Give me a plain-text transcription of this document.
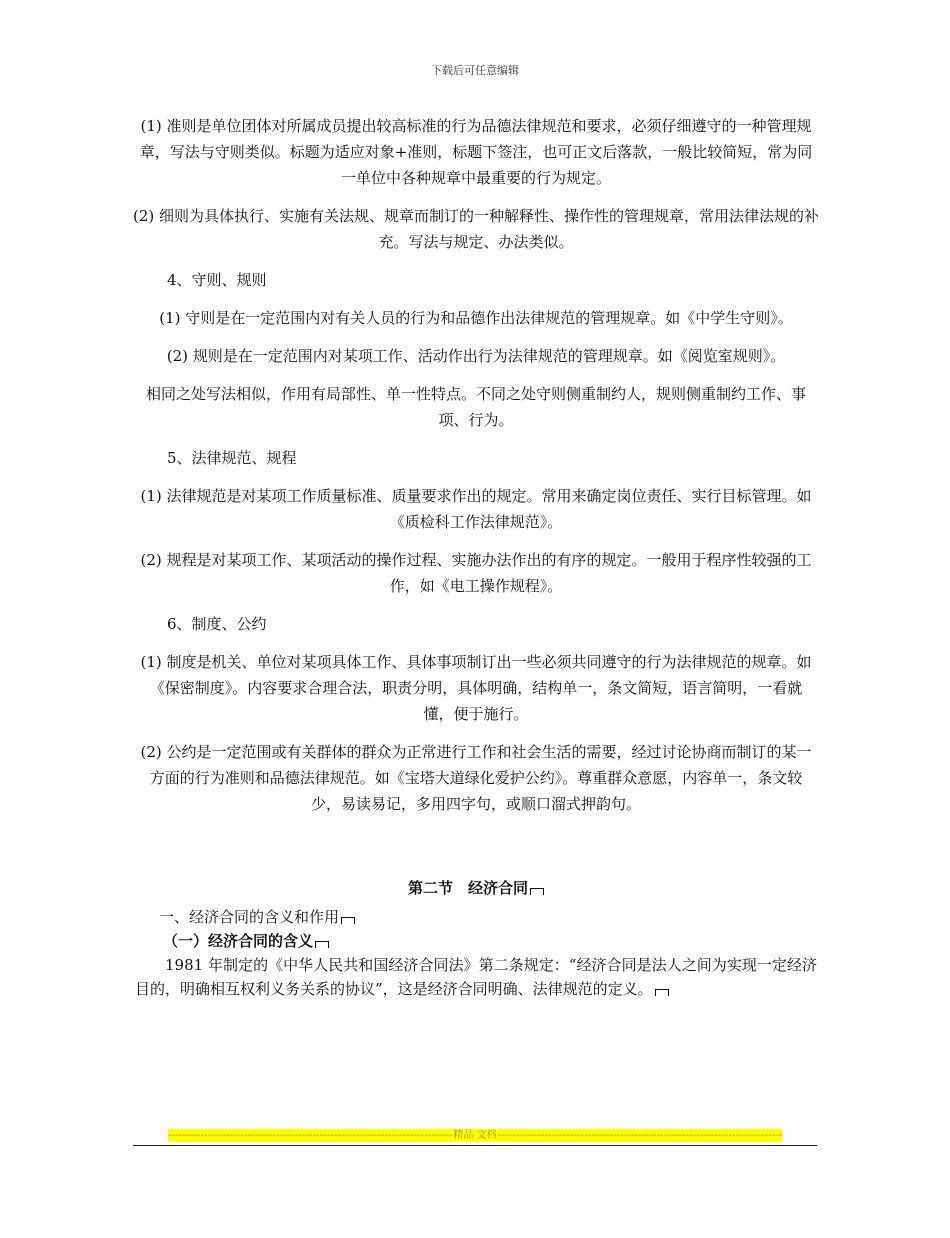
下载后可任意编辑

(1) 准则是单位团体对所属成员提出较高标准的行为品德法律规范和要求，必须仔细遵守的一种管理规章，写法与守则类似。标题为适应对象+准则，标题下签注，也可正文后落款，一般比较简短，常为同一单位中各种规章中最重要的行为规定。

(2) 细则为具体执行、实施有关法规、规章而制订的一种解释性、操作性的管理规章，常用法律法规的补充。写法与规定、办法类似。

4、守则、规则

(1) 守则是在一定范围内对有关人员的行为和品德作出法律规范的管理规章。如《中学生守则》。

(2) 规则是在一定范围内对某项工作、活动作出行为法律规范的管理规章。如《阅览室规则》。

相同之处写法相似，作用有局部性、单一性特点。不同之处守则侧重制约人，规则侧重制约工作、事项、行为。

5、法律规范、规程

(1) 法律规范是对某项工作质量标准、质量要求作出的规定。常用来确定岗位责任、实行目标管理。如《质检科工作法律规范》。

(2) 规程是对某项工作、某项活动的操作过程、实施办法作出的有序的规定。一般用于程序性较强的工作，如《电工操作规程》。

6、制度、公约

(1) 制度是机关、单位对某项具体工作、具体事项制订出一些必须共同遵守的行为法律规范的规章。如《保密制度》。内容要求合理合法，职责分明，具体明确，结构单一，条文简短，语言简明，一看就懂，便于施行。

(2) 公约是一定范围或有关群体的群众为正常进行工作和社会生活的需要，经过讨论协商而制订的某一方面的行为准则和品德法律规范。如《宝塔大道绿化爱护公约》。尊重群众意愿，内容单一，条文较少，易读易记，多用四字句，或顺口溜式押韵句。

第二节　经济合同
一、经济合同的含义和作用
（一）经济合同的含义

1981 年制定的《中华人民共和国经济合同法》第二条规定：“经济合同是法人之间为实现一定经济目的，明确相互权利义务关系的协议”，这是经济合同明确、法律规范的定义。

-----
精品 文档
-----
